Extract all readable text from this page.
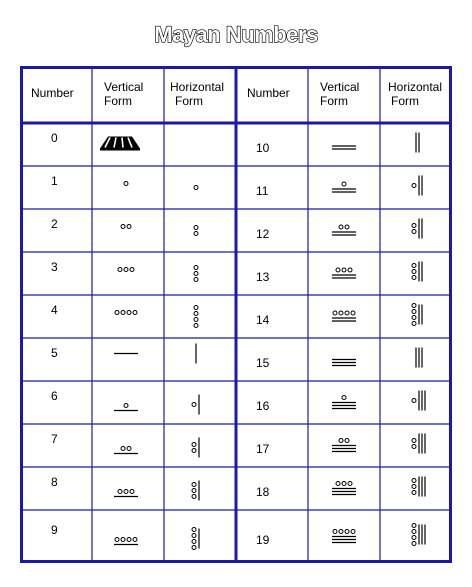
Mayan Numbers
Number	Vertical
Form
Horizontal
Form
Number	Vertical
Form
Horizontal
Form
0
1
2
3
4
5
6
7
8
9
10
11
12
13
14
15
16
17
18
19
